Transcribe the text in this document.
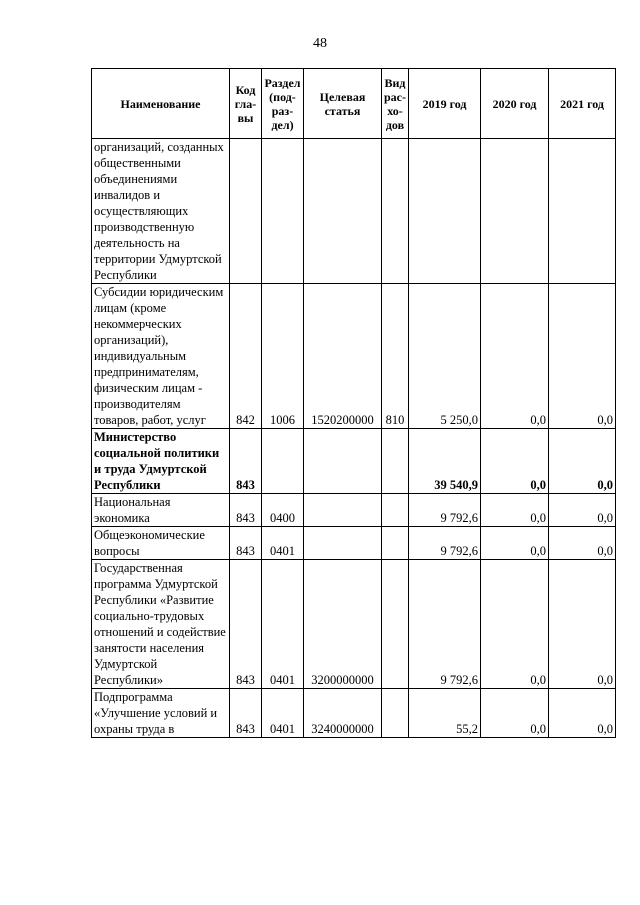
48
Наименование	Код гла-вы	Раздел (под-раз-дел)	Целевая статья	Вид рас-хо-дов	2019 год	2020 год	2021 год
организаций, созданных общественными объединениями инвалидов и осуществляющих производственную деятельность на территории Удмуртской Республики							
Субсидии юридическим лицам (кроме некоммерческих организаций), индивидуальным предпринимателям, физическим лицам - производителям товаров, работ, услуг	842	1006	1520200000	810	5 250,0	0,0	0,0
Министерство социальной политики и труда Удмуртской Республики	843				39 540,9	0,0	0,0
Национальная экономика	843	0400			9 792,6	0,0	0,0
Общеэкономические вопросы	843	0401			9 792,6	0,0	0,0
Государственная программа Удмуртской Республики «Развитие социально-трудовых отношений и содействие занятости населения Удмуртской Республики»	843	0401	3200000000		9 792,6	0,0	0,0
Подпрограмма «Улучшение условий и охраны труда в	843	0401	3240000000		55,2	0,0	0,0
